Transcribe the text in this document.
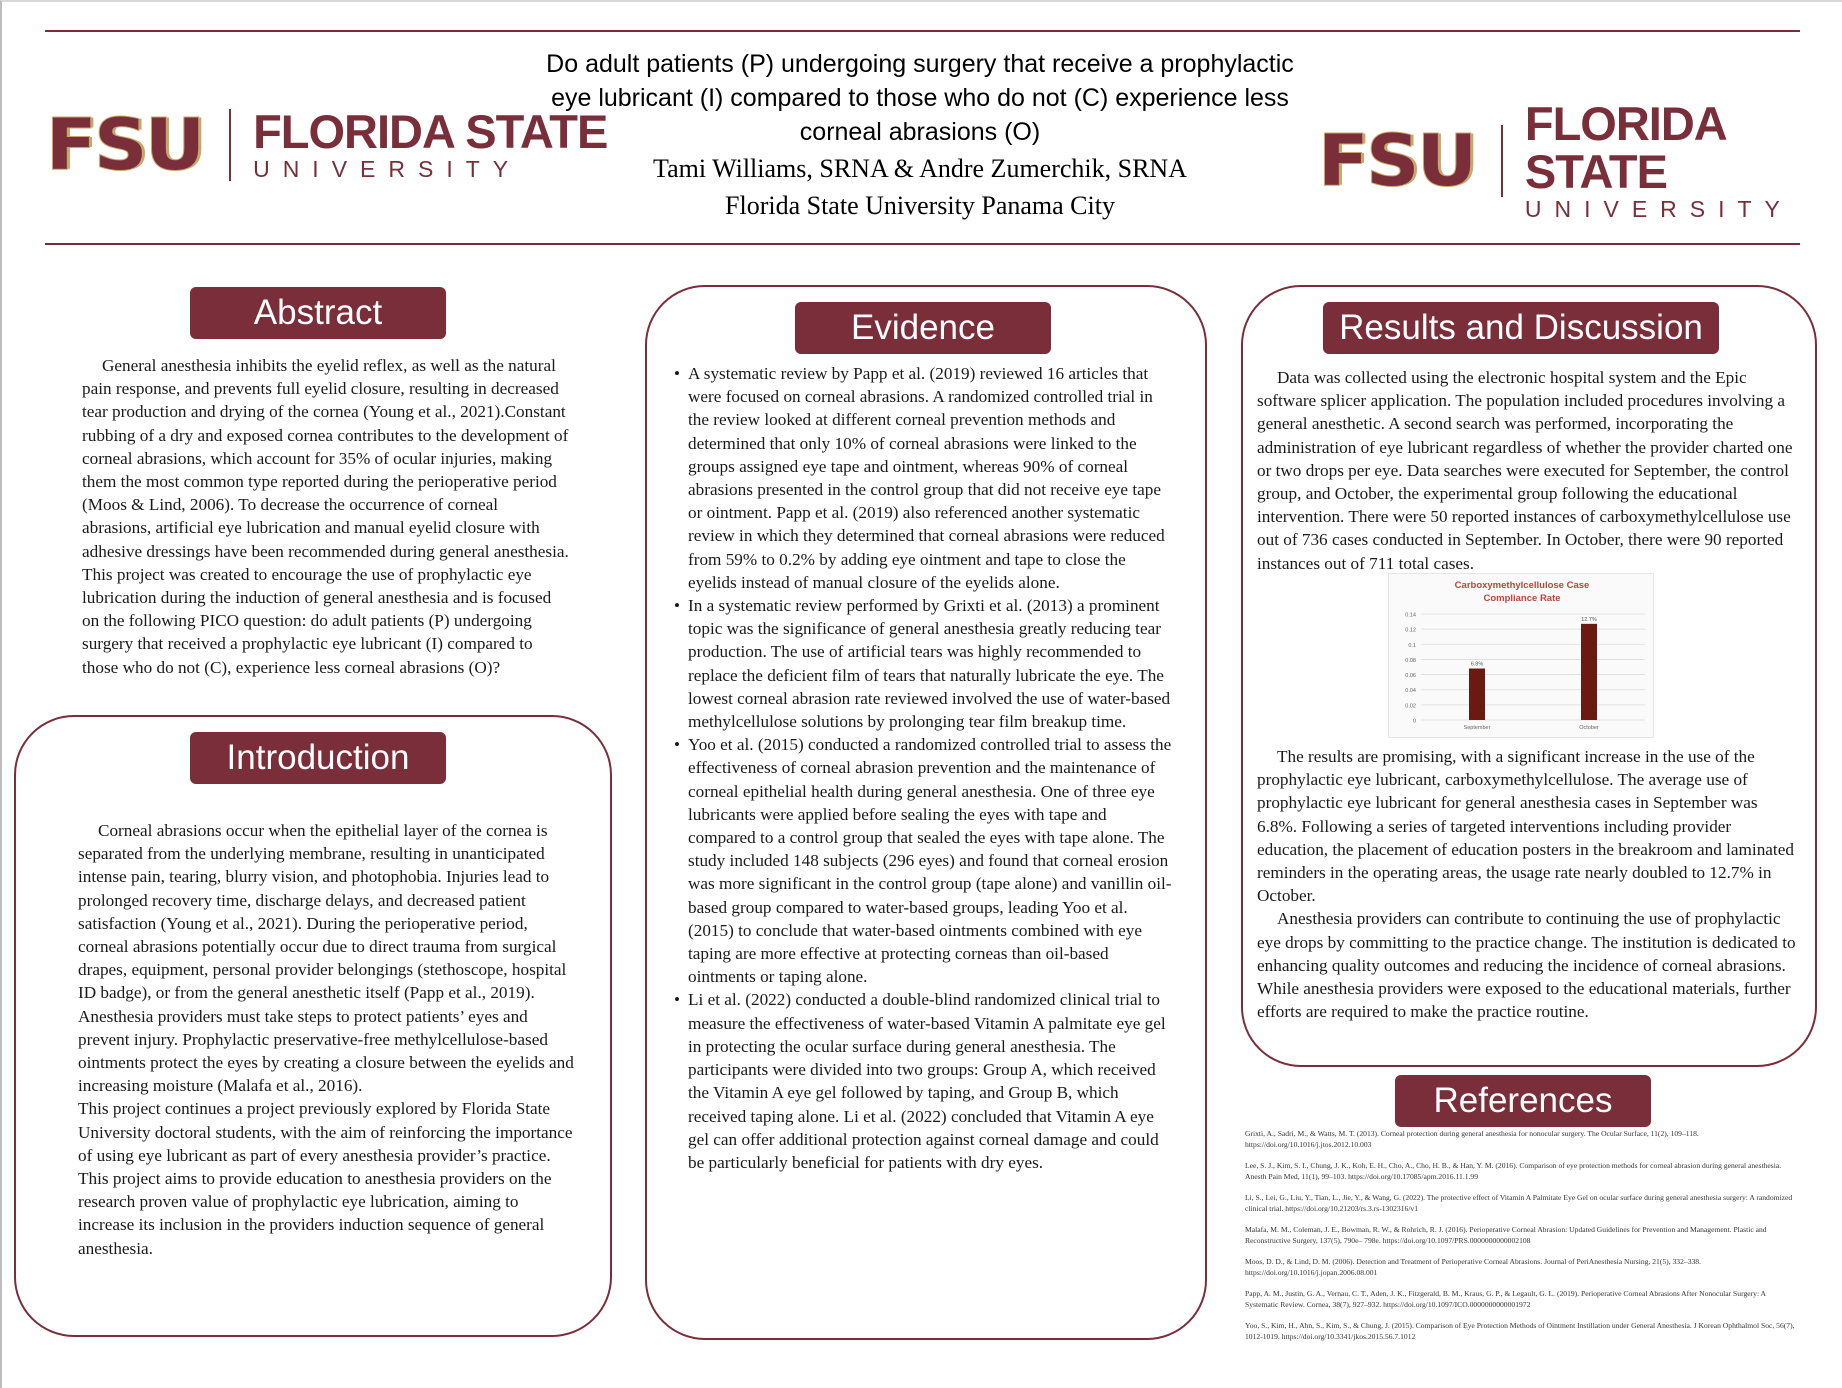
FSU FLORIDA STATE
UNIVERSITY	FSU FLORIDA STATE
UNIVERSITY
Do adult patients (P) undergoing surgery that receive a prophylactic
eye lubricant (I) compared to those who do not (C) experience less
corneal abrasions (O)
Tami Williams, SRNA & Andre Zumerchik, SRNA
Florida State University Panama City
Abstract
General anesthesia inhibits the eyelid reflex, as well as the natural pain response, and prevents full eyelid closure, resulting in decreased tear production and drying of the cornea (Young et al., 2021).Constant rubbing of a dry and exposed cornea contributes to the development of corneal abrasions, which account for 35% of ocular injuries, making them the most common type reported during the perioperative period (Moos & Lind, 2006). To decrease the occurrence of corneal abrasions, artificial eye lubrication and manual eyelid closure with adhesive dressings have been recommended during general anesthesia. This project was created to encourage the use of prophylactic eye lubrication during the induction of general anesthesia and is focused on the following PICO question: do adult patients (P) undergoing surgery that received a prophylactic eye lubricant (I) compared to those who do not (C), experience less corneal abrasions (O)?
Introduction

Corneal abrasions occur when the epithelial layer of the cornea is separated from the underlying membrane, resulting in unanticipated intense pain, tearing, blurry vision, and photophobia. Injuries lead to prolonged recovery time, discharge delays, and decreased patient satisfaction (Young et al., 2021). During the perioperative period, corneal abrasions potentially occur due to direct trauma from surgical drapes, equipment, personal provider belongings (stethoscope, hospital ID badge), or from the general anesthetic itself (Papp et al., 2019). Anesthesia providers must take steps to protect patients’ eyes and prevent injury. Prophylactic preservative-free methylcellulose-based ointments protect the eyes by creating a closure between the eyelids and increasing moisture (Malafa et al., 2016).

This project continues a project previously explored by Florida State University doctoral students, with the aim of reinforcing the importance of using eye lubricant as part of every anesthesia provider’s practice. This project aims to provide education to anesthesia providers on the research proven value of prophylactic eye lubrication, aiming to increase its inclusion in the providers induction sequence of general anesthesia.

Evidence
• A systematic review by Papp et al. (2019) reviewed 16 articles that were focused on corneal abrasions. A randomized controlled trial in the review looked at different corneal prevention methods and determined that only 10% of corneal abrasions were linked to the groups assigned eye tape and ointment, whereas 90% of corneal abrasions presented in the control group that did not receive eye tape or ointment. Papp et al. (2019) also referenced another systematic review in which they determined that corneal abrasions were reduced from 59% to 0.2% by adding eye ointment and tape to close the eyelids instead of manual closure of the eyelids alone.
• In a systematic review performed by Grixti et al. (2013) a prominent topic was the significance of general anesthesia greatly reducing tear production. The use of artificial tears was highly recommended to replace the deficient film of tears that naturally lubricate the eye. The lowest corneal abrasion rate reviewed involved the use of water-based methylcellulose solutions by prolonging tear film breakup time.
• Yoo et al. (2015) conducted a randomized controlled trial to assess the effectiveness of corneal abrasion prevention and the maintenance of corneal epithelial health during general anesthesia. One of three eye lubricants were applied before sealing the eyes with tape and compared to a control group that sealed the eyes with tape alone. The study included 148 subjects (296 eyes) and found that corneal erosion was more significant in the control group (tape alone) and vanillin oil-based group compared to water-based groups, leading Yoo et al. (2015) to conclude that water-based ointments combined with eye taping are more effective at protecting corneas than oil-based ointments or taping alone.
• Li et al. (2022) conducted a double-blind randomized clinical trial to measure the effectiveness of water-based Vitamin A palmitate eye gel in protecting the ocular surface during general anesthesia. The participants were divided into two groups: Group A, which received the Vitamin A eye gel followed by taping, and Group B, which received taping alone. Li et al. (2022) concluded that Vitamin A eye gel can offer additional protection against corneal damage and could be particularly beneficial for patients with dry eyes.
Results and Discussion

Data was collected using the electronic hospital system and the Epic software splicer application. The population included procedures involving a general anesthetic. A second search was performed, incorporating the administration of eye lubricant regardless of whether the provider charted one or two drops per eye. Data searches were executed for September, the control group, and October, the experimental group following the educational intervention. There were 50 reported instances of carboxymethylcellulose use out of 736 cases conducted in September. In October, there were 90 reported instances out of 711 total cases.

Carboxymethylcellulose Case
Compliance Rate
0.14
0.12
0.1
0.08
0.06
0.04
0.02
0
6.8%
September
12.7%
October

The results are promising, with a significant increase in the use of the prophylactic eye lubricant, carboxymethylcellulose. The average use of prophylactic eye lubricant for general anesthesia cases in September was 6.8%. Following a series of targeted interventions including provider education, the placement of education posters in the breakroom and laminated reminders in the operating areas, the usage rate nearly doubled to 12.7% in October.

Anesthesia providers can contribute to continuing the use of prophylactic eye drops by committing to the practice change. The institution is dedicated to enhancing quality outcomes and reducing the incidence of corneal abrasions. While anesthesia providers were exposed to the educational materials, further efforts are required to make the practice routine.

References

Grixti, A., Sadri, M., & Watts, M. T. (2013). Corneal protection during general anesthesia for nonocular surgery. The Ocular Surface, 11(2), 109–118. https://doi.org/10.1016/j.jtos.2012.10.003

Lee, S. J., Kim, S. I., Chung, J. K., Koh, E. H., Cho, A., Cho, H. B., & Han, Y. M. (2016). Comparison of eye protection methods for corneal abrasion during general anesthesia. Anesth Pain Med, 11(1), 99–103. https://doi.org/10.17085/apm.2016.11.1.99

Li, S., Lei, G., Liu, Y., Tian, L., Jie, Y., & Wang, G. (2022). The protective effect of Vitamin A Palmitate Eye Gel on ocular surface during general anesthesia surgery: A randomized clinical trial. https://doi.org/10.21203/rs.3.rs-1302316/v1

Malafa, M. M., Coleman, J. E., Bowman, R. W., & Rohrich, R. J. (2016). Perioperative Corneal Abrasion: Updated Guidelines for Prevention and Management. Plastic and Reconstructive Surgery, 137(5), 790e– 798e. https://doi.org/10.1097/PRS.0000000000002108

Moos, D. D., & Lind, D. M. (2006). Detection and Treatment of Perioperative Corneal Abrasions. Journal of PeriAnesthesia Nursing, 21(5), 332–338. https://doi.org/10.1016/j.jopan.2006.08.001

Papp, A. M., Justin, G. A., Vernau, C. T., Aden, J. K., Fitzgerald, B. M., Kraus, G. P., & Legault, G. L. (2019). Perioperative Corneal Abrasions After Nonocular Surgery: A Systematic Review. Cornea, 38(7), 927–932. https://doi.org/10.1097/ICO.0000000000001972

Yoo, S., Kim, H., Ahn, S., Kim, S., & Chung, J. (2015). Comparison of Eye Protection Methods of Ointment Instillation under General Anesthesia. J Korean Ophthalmol Soc, 56(7), 1012-1019. https://doi.org/10.3341/jkos.2015.56.7.1012
